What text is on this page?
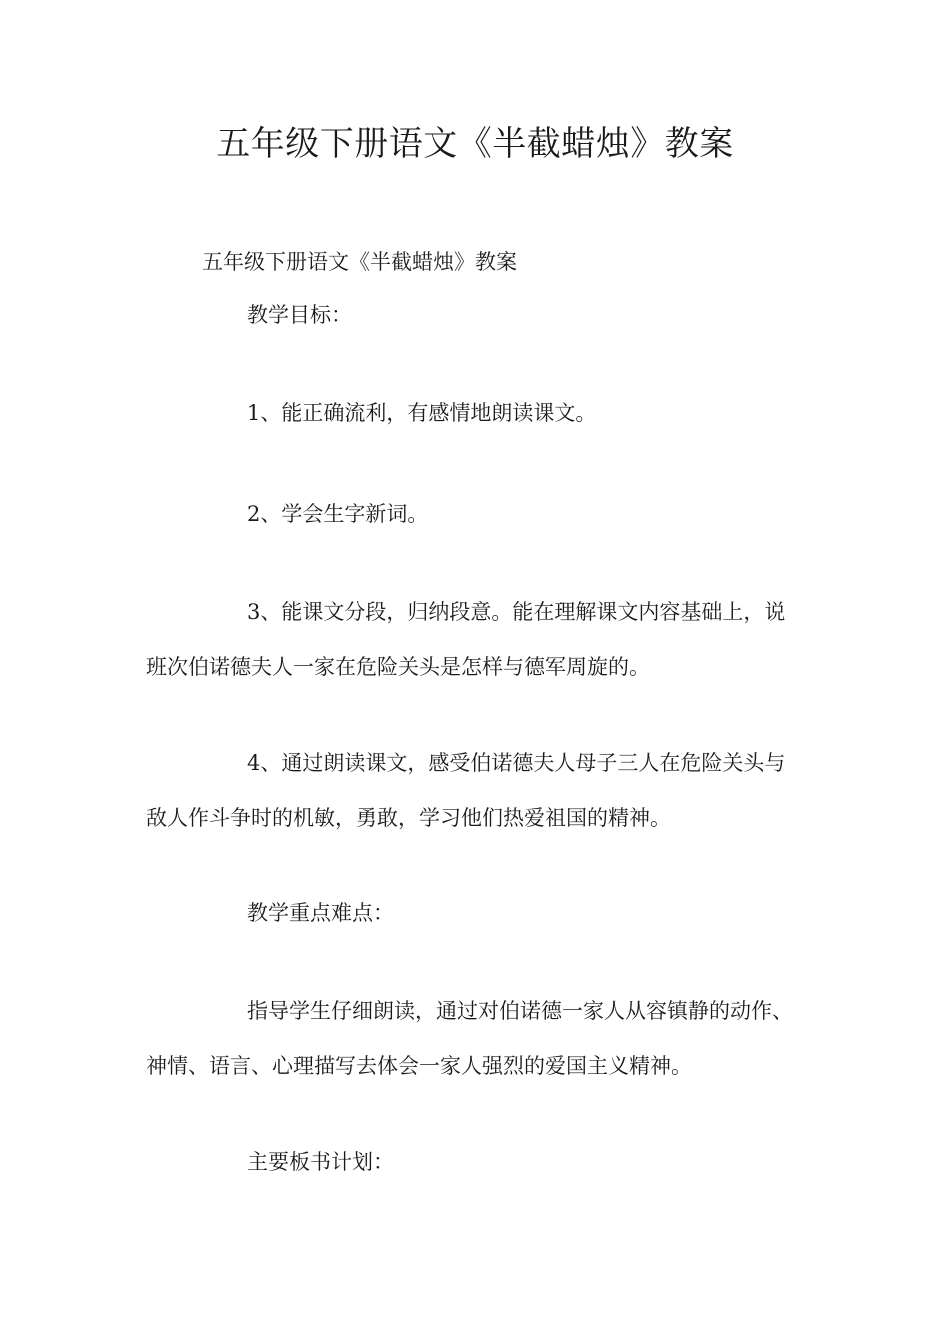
五年级下册语文《半截蜡烛》教案

五年级下册语文《半截蜡烛》教案

教学目标：

1、能正确流利，有感情地朗读课文。

2、学会生字新词。

3、能课文分段，归纳段意。能在理解课文内容基础上，说班次伯诺德夫人一家在危险关头是怎样与德军周旋的。

4、通过朗读课文，感受伯诺德夫人母子三人在危险关头与敌人作斗争时的机敏，勇敢，学习他们热爱祖国的精神。

教学重点难点：

指导学生仔细朗读，通过对伯诺德一家人从容镇静的动作、神情、语言、心理描写去体会一家人强烈的爱国主义精神。

主要板书计划：
